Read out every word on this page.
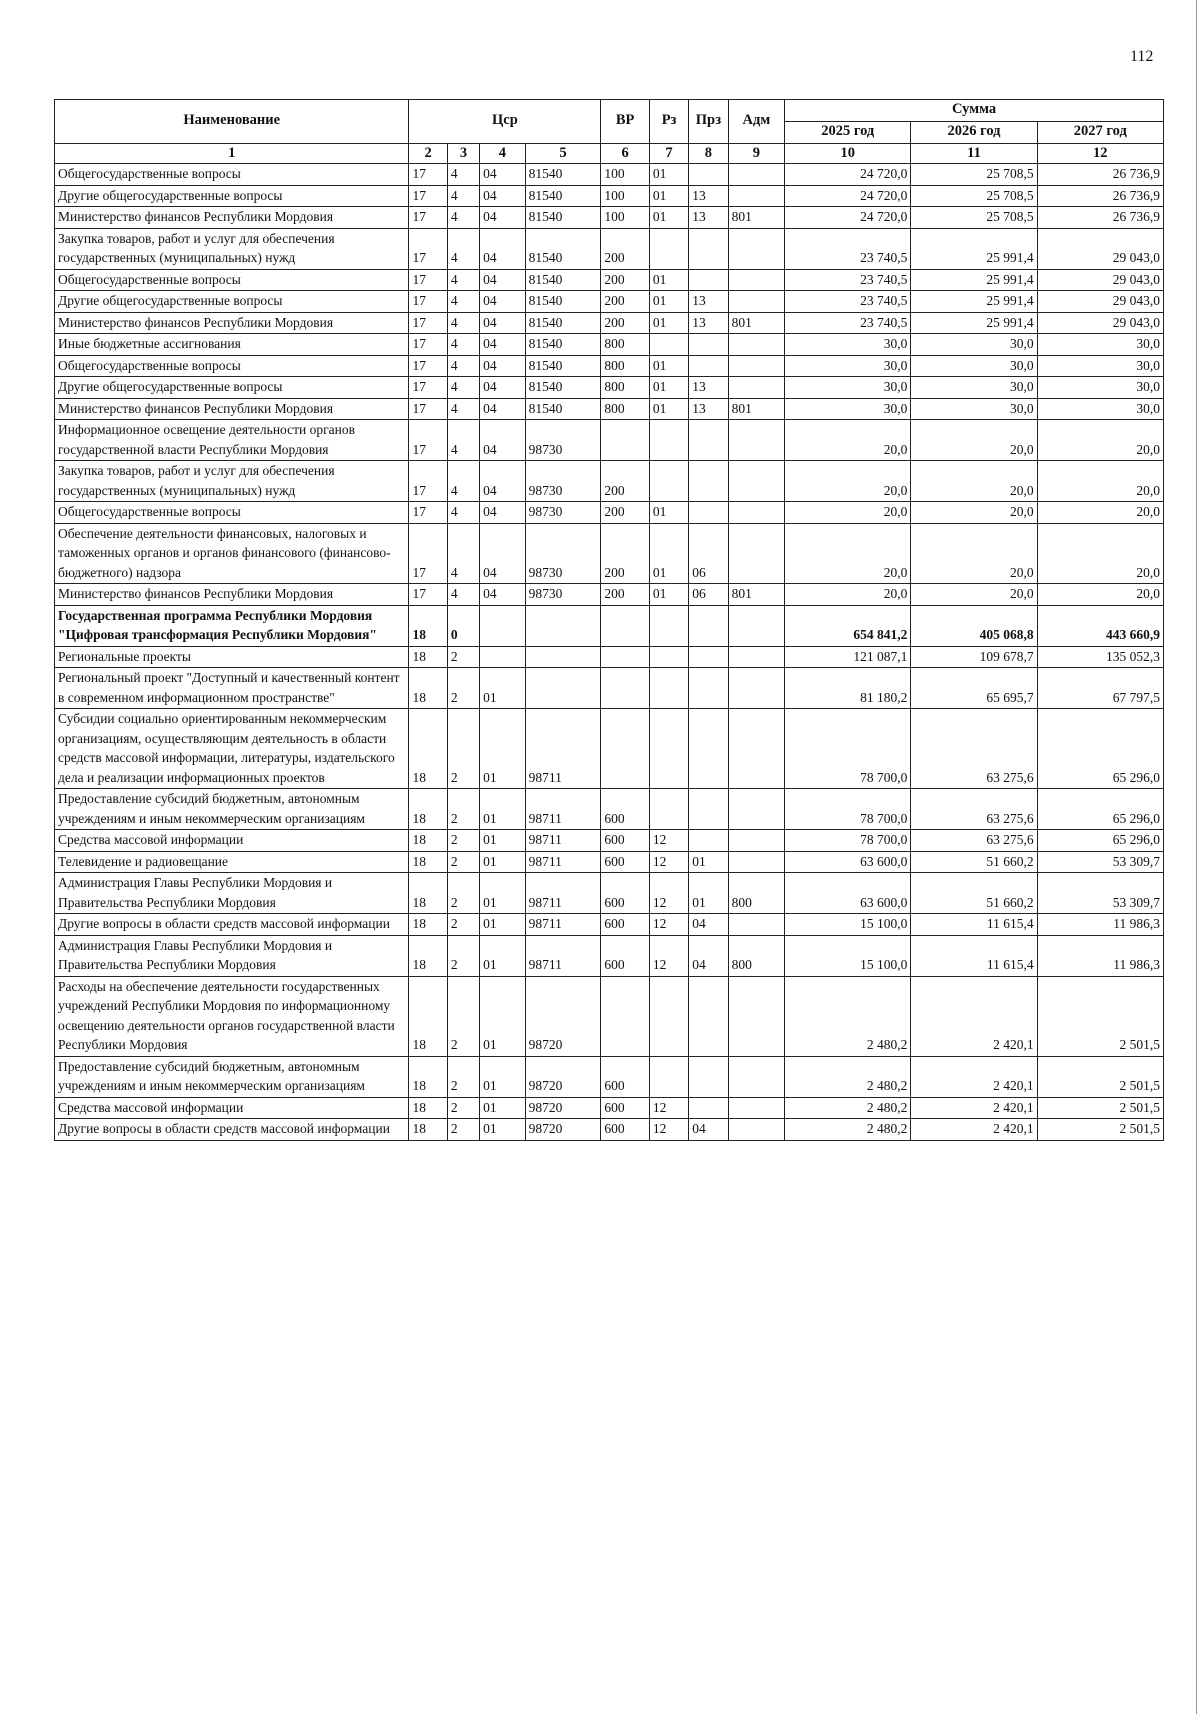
112
Наименование	Цср				ВР	Рз	Прз	Адм	Сумма		
									2025 год	2026 год	2027 год
1	2	3	4	5	6	7	8	9	10	11	12
Общегосударственные вопросы	17	4	04	81540	100	01			24 720,0	25 708,5	26 736,9
Другие общегосударственные вопросы	17	4	04	81540	100	01	13		24 720,0	25 708,5	26 736,9
Министерство финансов Республики Мордовия	17	4	04	81540	100	01	13	801	24 720,0	25 708,5	26 736,9
Закупка товаров, работ и услуг для обеспечения государственных (муниципальных) нужд	17	4	04	81540	200				23 740,5	25 991,4	29 043,0
Общегосударственные вопросы	17	4	04	81540	200	01			23 740,5	25 991,4	29 043,0
Другие общегосударственные вопросы	17	4	04	81540	200	01	13		23 740,5	25 991,4	29 043,0
Министерство финансов Республики Мордовия	17	4	04	81540	200	01	13	801	23 740,5	25 991,4	29 043,0
Иные бюджетные ассигнования	17	4	04	81540	800				30,0	30,0	30,0
Общегосударственные вопросы	17	4	04	81540	800	01			30,0	30,0	30,0
Другие общегосударственные вопросы	17	4	04	81540	800	01	13		30,0	30,0	30,0
Министерство финансов Республики Мордовия	17	4	04	81540	800	01	13	801	30,0	30,0	30,0
Информационное освещение деятельности органов государственной власти Республики Мордовия	17	4	04	98730					20,0	20,0	20,0
Закупка товаров, работ и услуг для обеспечения государственных (муниципальных) нужд	17	4	04	98730	200				20,0	20,0	20,0
Общегосударственные вопросы	17	4	04	98730	200	01			20,0	20,0	20,0
Обеспечение деятельности финансовых, налоговых и таможенных органов и органов финансового (финансово-бюджетного) надзора	17	4	04	98730	200	01	06		20,0	20,0	20,0
Министерство финансов Республики Мордовия	17	4	04	98730	200	01	06	801	20,0	20,0	20,0
Государственная программа Республики Мордовия "Цифровая трансформация Республики Мордовия"	18	0							654 841,2	405 068,8	443 660,9
Региональные проекты	18	2							121 087,1	109 678,7	135 052,3
Региональный проект "Доступный и качественный контент в современном информационном пространстве"	18	2	01						81 180,2	65 695,7	67 797,5
Субсидии социально ориентированным некоммерческим организациям, осуществляющим деятельность в области средств массовой информации, литературы, издательского дела и реализации информационных проектов	18	2	01	98711					78 700,0	63 275,6	65 296,0
Предоставление субсидий бюджетным, автономным учреждениям и иным некоммерческим организациям	18	2	01	98711	600				78 700,0	63 275,6	65 296,0
Средства массовой информации	18	2	01	98711	600	12			78 700,0	63 275,6	65 296,0
Телевидение и радиовещание	18	2	01	98711	600	12	01		63 600,0	51 660,2	53 309,7
Администрация Главы Республики Мордовия и Правительства Республики Мордовия	18	2	01	98711	600	12	01	800	63 600,0	51 660,2	53 309,7
Другие вопросы в области средств массовой информации	18	2	01	98711	600	12	04		15 100,0	11 615,4	11 986,3
Администрация Главы Республики Мордовия и Правительства Республики Мордовия	18	2	01	98711	600	12	04	800	15 100,0	11 615,4	11 986,3
Расходы на обеспечение деятельности государственных учреждений Республики Мордовия по информационному освещению деятельности органов государственной власти Республики Мордовия	18	2	01	98720					2 480,2	2 420,1	2 501,5
Предоставление субсидий бюджетным, автономным учреждениям и иным некоммерческим организациям	18	2	01	98720	600				2 480,2	2 420,1	2 501,5
Средства массовой информации	18	2	01	98720	600	12			2 480,2	2 420,1	2 501,5
Другие вопросы в области средств массовой информации	18	2	01	98720	600	12	04		2 480,2	2 420,1	2 501,5
